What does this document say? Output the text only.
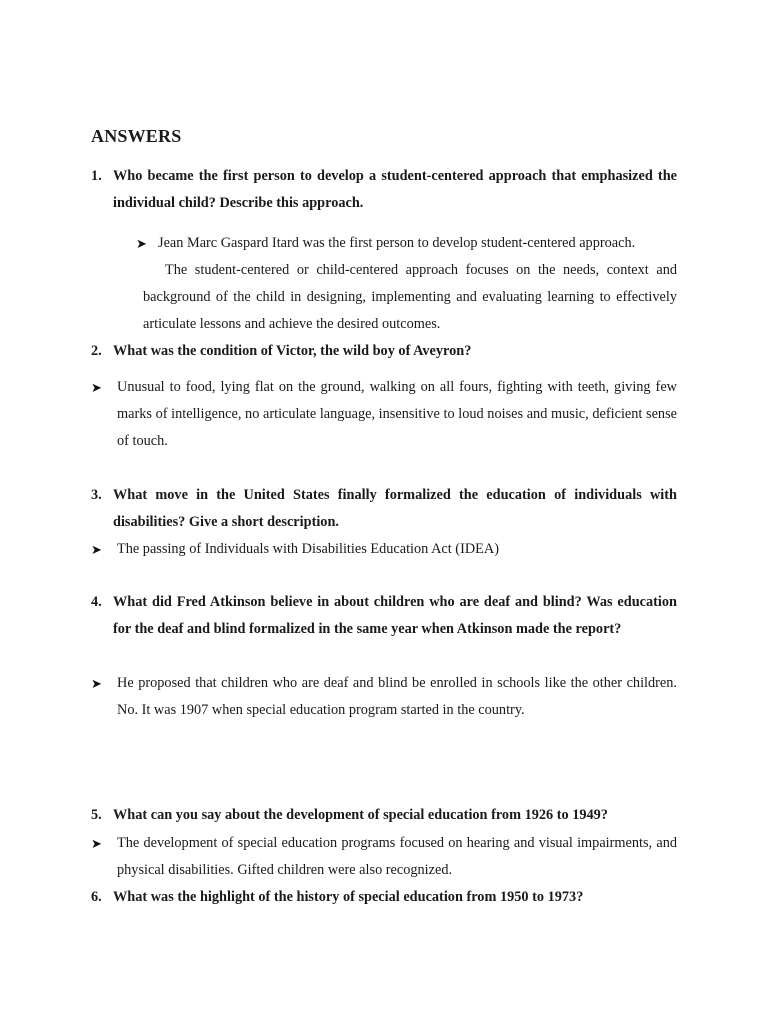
ANSWERS
1. Who became the first person to develop a student-centered approach that emphasized the individual child? Describe this approach.
➤ Jean Marc Gaspard Itard was the first person to develop student-centered approach.
The student-centered or child-centered approach focuses on the needs, context and background of the child in designing, implementing and evaluating learning to effectively articulate lessons and achieve the desired outcomes.
2. What was the condition of Victor, the wild boy of Aveyron?
➤ Unusual to food, lying flat on the ground, walking on all fours, fighting with teeth, giving few marks of intelligence, no articulate language, insensitive to loud noises and music, deficient sense of touch.
3. What move in the United States finally formalized the education of individuals with disabilities? Give a short description.
➤ The passing of Individuals with Disabilities Education Act (IDEA)
4. What did Fred Atkinson believe in about children who are deaf and blind? Was education for the deaf and blind formalized in the same year when Atkinson made the report?
➤ He proposed that children who are deaf and blind be enrolled in schools like the other children. No. It was 1907 when special education program started in the country.
5. What can you say about the development of special education from 1926 to 1949?
➤ The development of special education programs focused on hearing and visual impairments, and physical disabilities. Gifted children were also recognized.
6. What was the highlight of the history of special education from 1950 to 1973?
